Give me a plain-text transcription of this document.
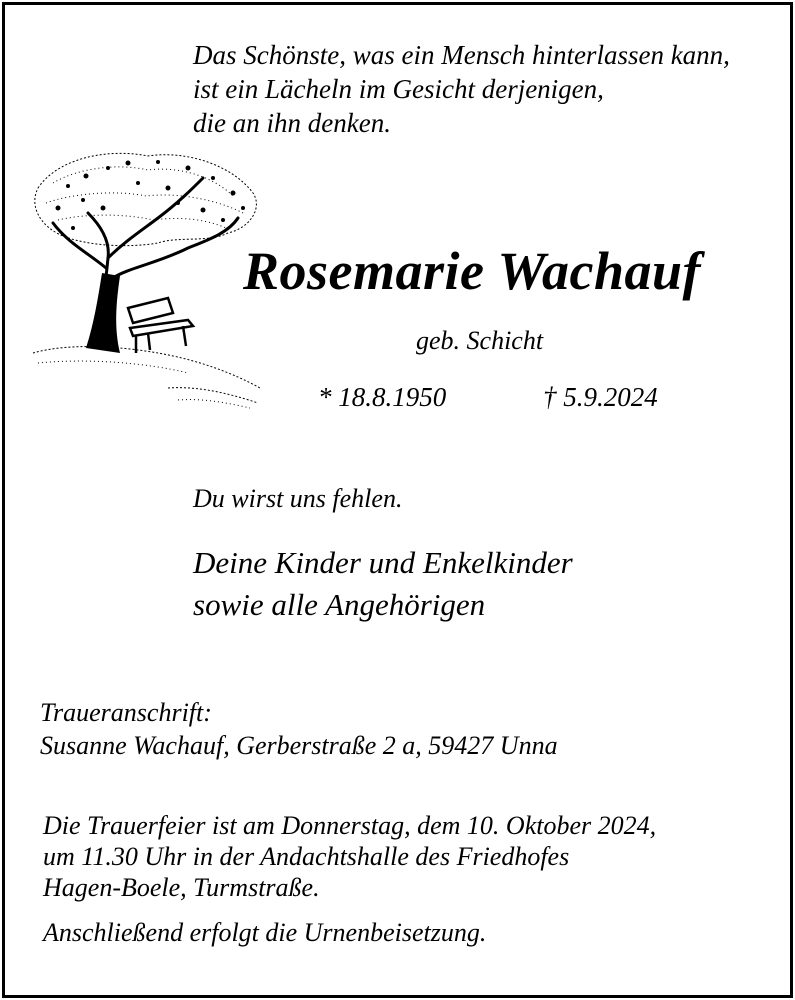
Das Schönste, was ein Mensch hinterlassen kann,
ist ein Lächeln im Gesicht derjenigen,
die an ihn denken.
Rosemarie Wachauf
geb. Schicht
* 18.8.1950	† 5.9.2024
Du wirst uns fehlen.
Deine Kinder und Enkelkinder
sowie alle Angehörigen
Traueranschrift:
Susanne Wachauf, Gerberstraße 2 a, 59427 Unna
Die Trauerfeier ist am Donnerstag, dem 10. Oktober 2024,
um 11.30 Uhr in der Andachtshalle des Friedhofes
Hagen-Boele, Turmstraße.
Anschließend erfolgt die Urnenbeisetzung.
